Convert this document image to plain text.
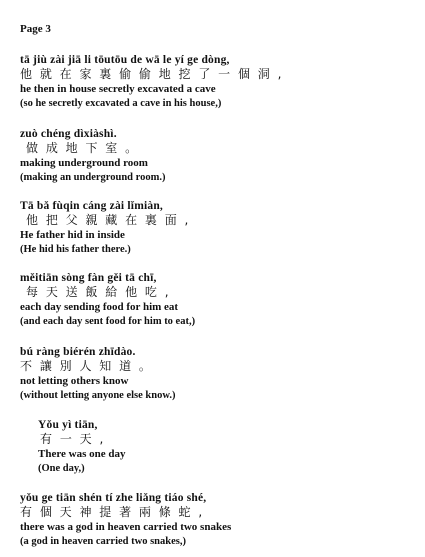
Page 3
tā jiù zài jiā li tōutōu de wā le yí ge dòng,
他 就 在 家 裏 偷 偷 地 挖 了 一 個 洞 ,
he then in house secretly excavated a cave
(so he secretly excavated a cave in his house,)
zuò chéng dìxiàshì.
做 成 地 下 室 。
making underground room
(making an underground room.)
Tā bǎ fùqin cáng zài lǐmiàn,
他 把 父 親 藏 在 裏 面 ,
He father hid in inside
(He hid his father there.)
měitiān sòng fàn gěi tā chī,
每 天 送 飯 給 他 吃 ,
each day sending food for him eat
(and each day sent food for him to eat,)
bú ràng biérén zhīdào.
不 讓 別 人 知 道 。
not letting others know
(without letting anyone else know.)
Yǒu yì tiān,
有 一 天 ,
There was one day
(One day,)
yǒu ge tiān shén tí zhe liǎng tiáo shé,
有 個 天 神 提 著 兩 條 蛇 ,
there was a god in heaven carried two snakes
(a god in heaven carried two snakes,)
